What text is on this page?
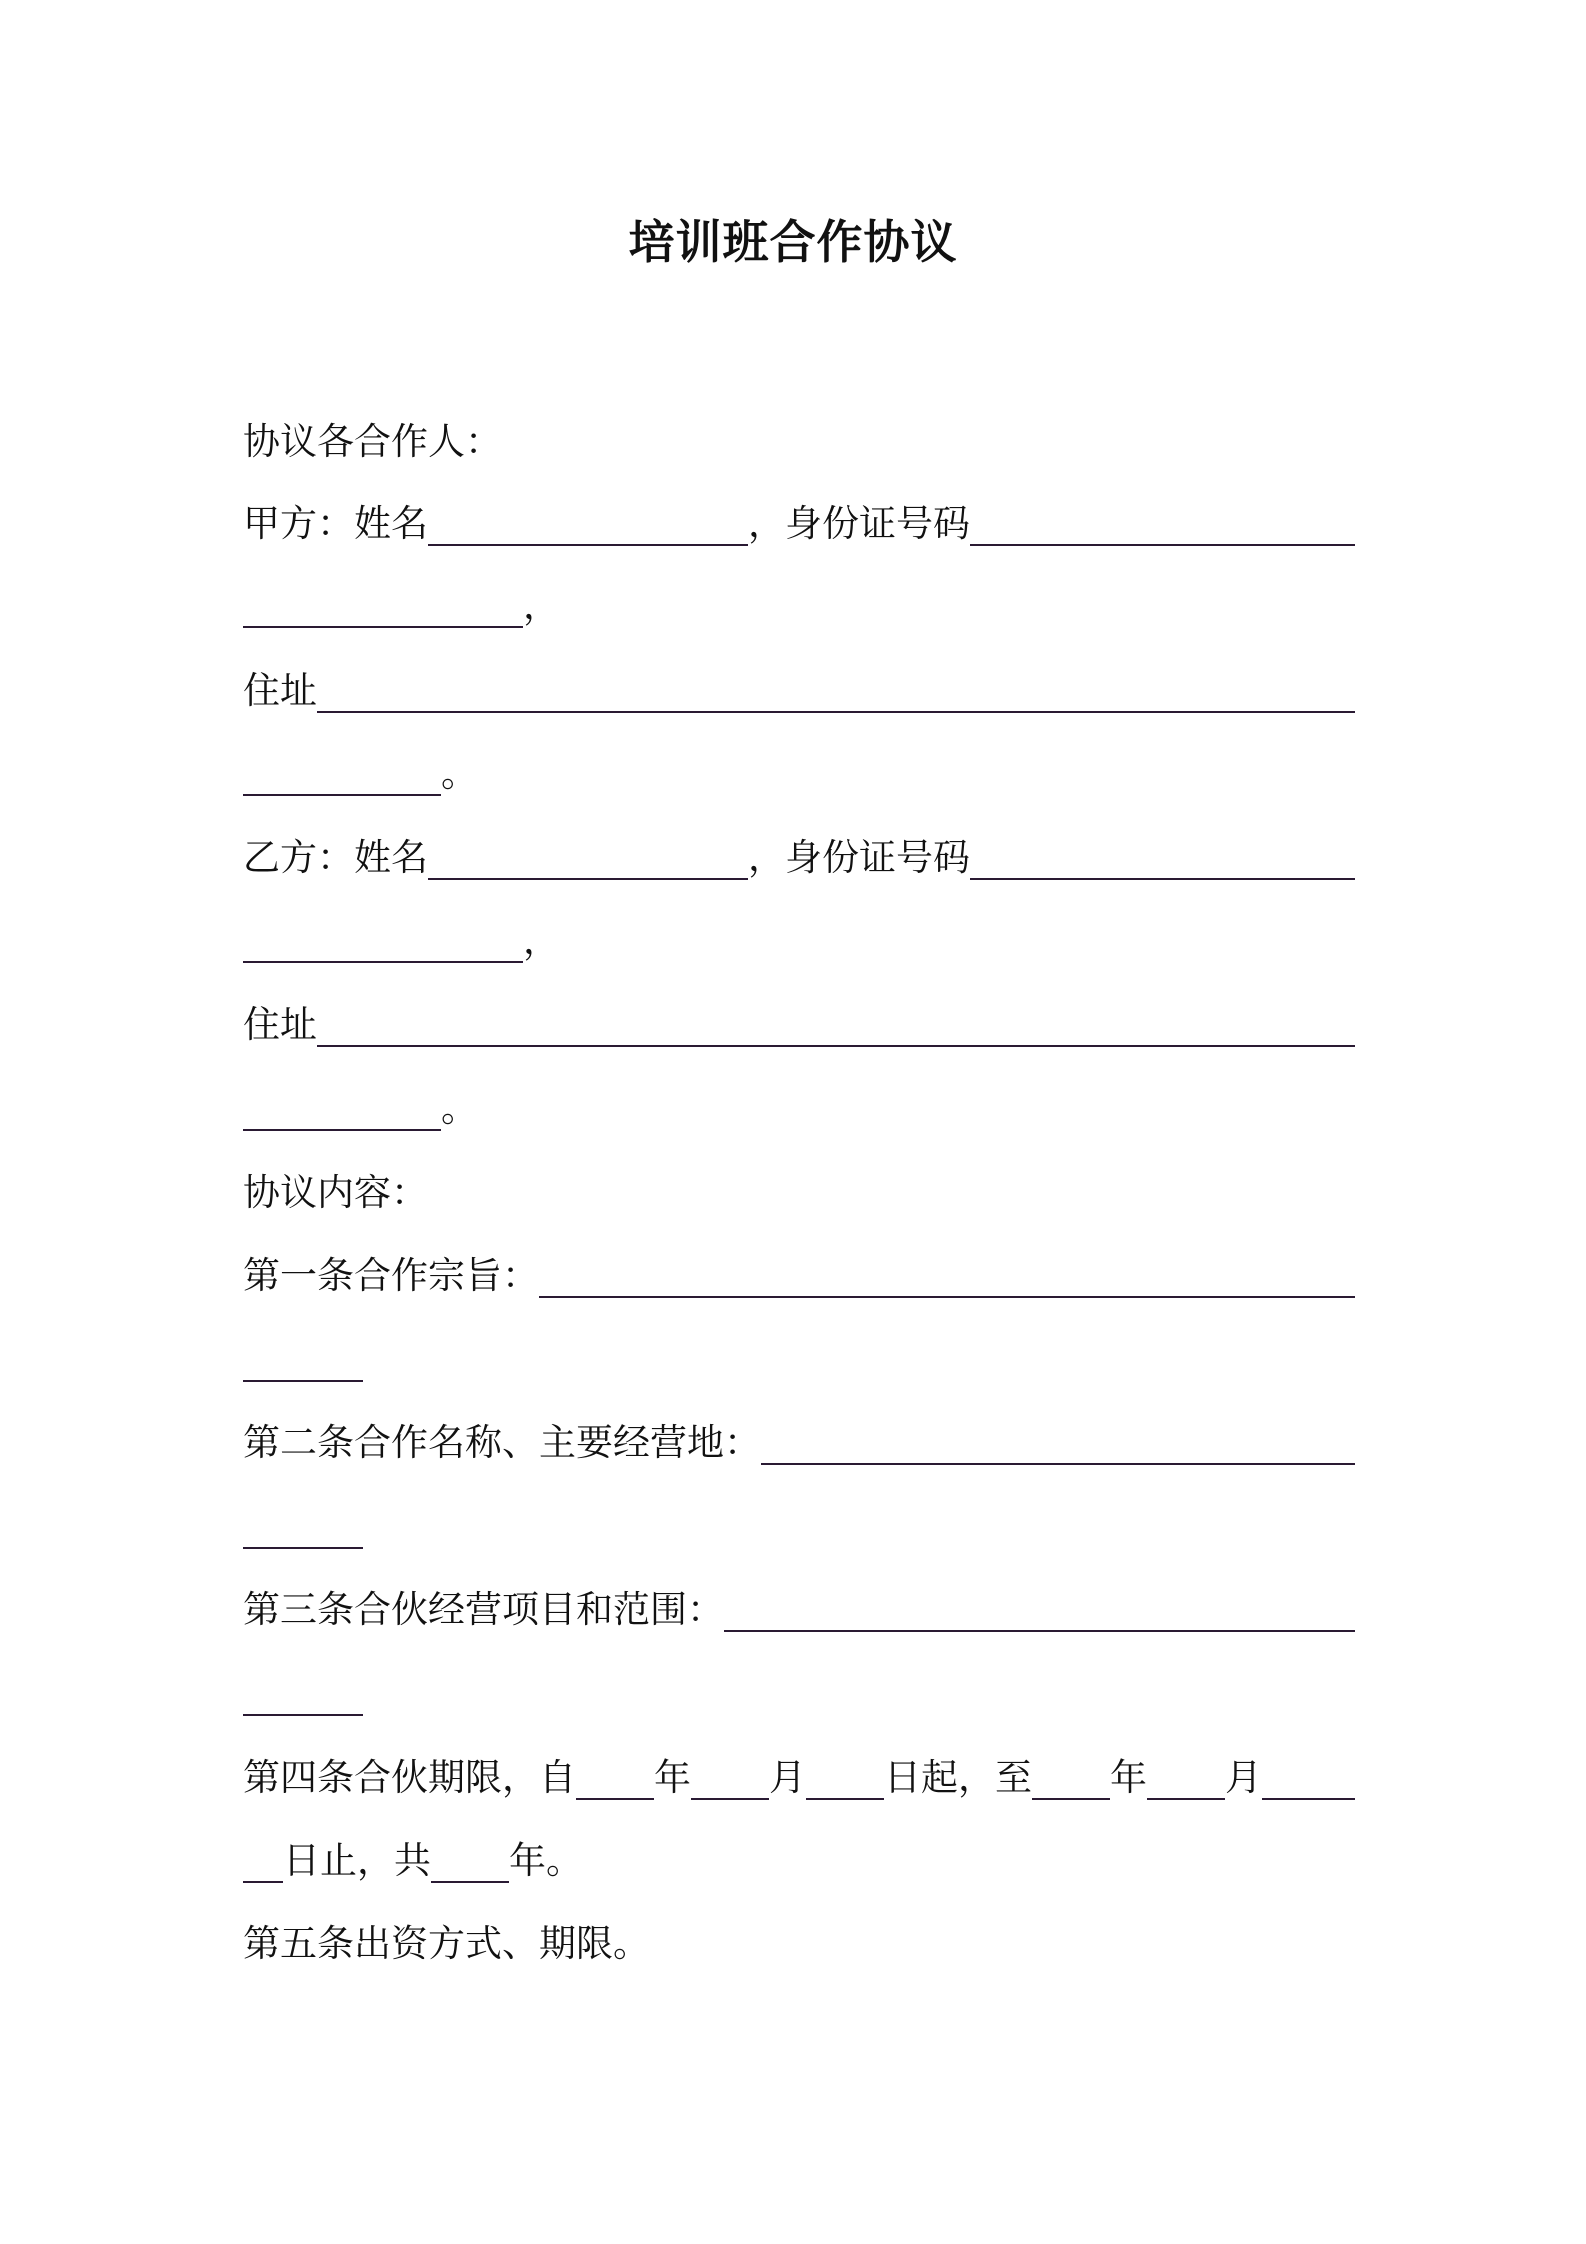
培训班合作协议
协议各合作人：
甲方： 姓名	，身份证号码
，
住址
。
乙方： 姓名	，身份证号码
，
住址
。
协议内容：
第一条合作宗旨：
第二条合作名称、主要经营地：
第三条合伙经营项目和范围：
第四条合伙期限，自 年 月 日起，至 年 月
日止，共 年。
第五条出资方式、期限。
